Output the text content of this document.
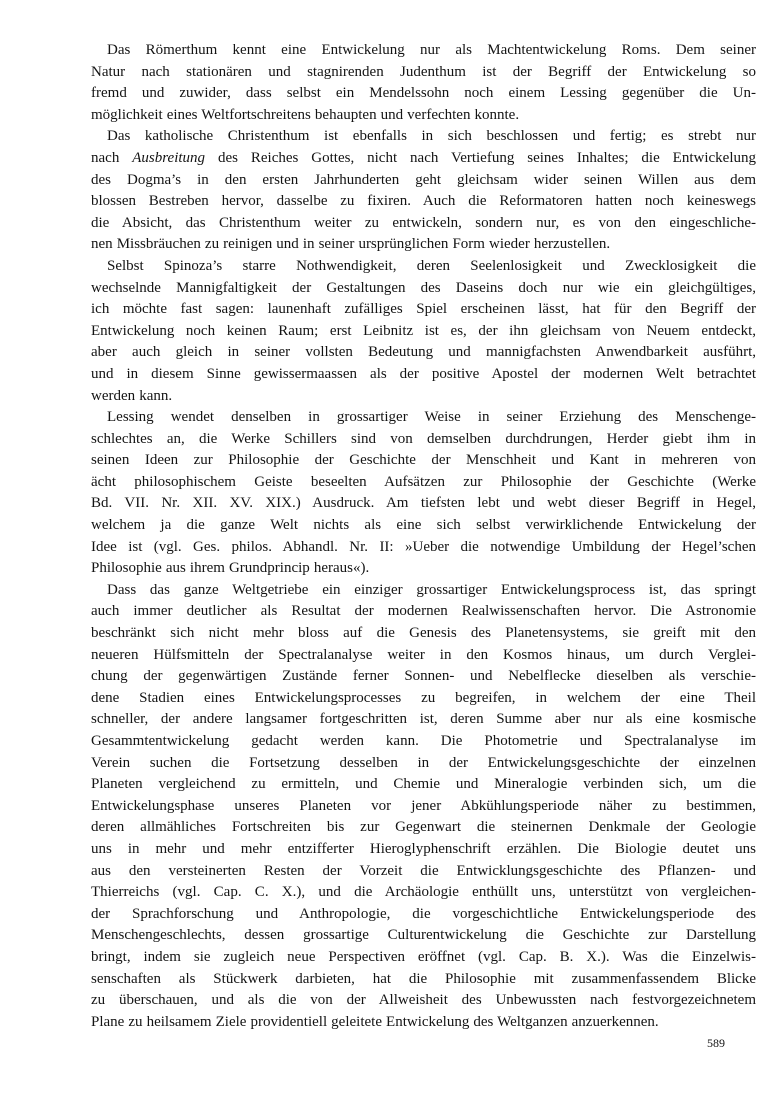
Das Römerthum kennt eine Entwickelung nur als Machtentwickelung Roms. Dem seiner
Natur nach stationären und stagnirenden Judenthum ist der Begriff der Entwickelung so
fremd und zuwider, dass selbst ein Mendelssohn noch einem Lessing gegenüber die Un-
möglichkeit eines Weltfortschreitens behaupten und verfechten konnte.
Das katholische Christenthum ist ebenfalls in sich beschlossen und fertig; es strebt nur
nach Ausbreitung des Reiches Gottes, nicht nach Vertiefung seines Inhaltes; die Entwickelung
des Dogma’s in den ersten Jahrhunderten geht gleichsam wider seinen Willen aus dem
blossen Bestreben hervor, dasselbe zu fixiren. Auch die Reformatoren hatten noch keineswegs
die Absicht, das Christenthum weiter zu entwickeln, sondern nur, es von den eingeschliche-
nen Missbräuchen zu reinigen und in seiner ursprünglichen Form wieder herzustellen.
Selbst Spinoza’s starre Nothwendigkeit, deren Seelenlosigkeit und Zwecklosigkeit die
wechselnde Mannigfaltigkeit der Gestaltungen des Daseins doch nur wie ein gleichgültiges,
ich möchte fast sagen: launenhaft zufälliges Spiel erscheinen lässt, hat für den Begriff der
Entwickelung noch keinen Raum; erst Leibnitz ist es, der ihn gleichsam von Neuem entdeckt,
aber auch gleich in seiner vollsten Bedeutung und mannigfachsten Anwendbarkeit ausführt,
und in diesem Sinne gewissermaassen als der positive Apostel der modernen Welt betrachtet
werden kann.
Lessing wendet denselben in grossartiger Weise in seiner Erziehung des Menschenge-
schlechtes an, die Werke Schillers sind von demselben durchdrungen, Herder giebt ihm in
seinen Ideen zur Philosophie der Geschichte der Menschheit und Kant in mehreren von
ächt philosophischem Geiste beseelten Aufsätzen zur Philosophie der Geschichte (Werke
Bd. VII. Nr. XII. XV. XIX.) Ausdruck. Am tiefsten lebt und webt dieser Begriff in Hegel,
welchem ja die ganze Welt nichts als eine sich selbst verwirklichende Entwickelung der
Idee ist (vgl. Ges. philos. Abhandl. Nr. II: »Ueber die notwendige Umbildung der Hegel’schen
Philosophie aus ihrem Grundprincip heraus«).
Dass das ganze Weltgetriebe ein einziger grossartiger Entwickelungsprocess ist, das springt
auch immer deutlicher als Resultat der modernen Realwissenschaften hervor. Die Astronomie
beschränkt sich nicht mehr bloss auf die Genesis des Planetensystems, sie greift mit den
neueren Hülfsmitteln der Spectralanalyse weiter in den Kosmos hinaus, um durch Verglei-
chung der gegenwärtigen Zustände ferner Sonnen- und Nebelflecke dieselben als verschie-
dene Stadien eines Entwickelungsprocesses zu begreifen, in welchem der eine Theil
schneller, der andere langsamer fortgeschritten ist, deren Summe aber nur als eine kosmische
Gesammtentwickelung gedacht werden kann. Die Photometrie und Spectralanalyse im
Verein suchen die Fortsetzung desselben in der Entwickelungsgeschichte der einzelnen
Planeten vergleichend zu ermitteln, und Chemie und Mineralogie verbinden sich, um die
Entwickelungsphase unseres Planeten vor jener Abkühlungsperiode näher zu bestimmen,
deren allmähliches Fortschreiten bis zur Gegenwart die steinernen Denkmale der Geologie
uns in mehr und mehr entzifferter Hieroglyphenschrift erzählen. Die Biologie deutet uns
aus den versteinerten Resten der Vorzeit die Entwicklungsgeschichte des Pflanzen- und
Thierreichs (vgl. Cap. C. X.), und die Archäologie enthüllt uns, unterstützt von vergleichen-
der Sprachforschung und Anthropologie, die vorgeschichtliche Entwickelungsperiode des
Menschengeschlechts, dessen grossartige Culturentwickelung die Geschichte zur Darstellung
bringt, indem sie zugleich neue Perspectiven eröffnet (vgl. Cap. B. X.). Was die Einzelwis-
senschaften als Stückwerk darbieten, hat die Philosophie mit zusammenfassendem Blicke
zu überschauen, und als die von der Allweisheit des Unbewussten nach festvorgezeichnetem
Plane zu heilsamem Ziele providentiell geleitete Entwickelung des Weltganzen anzuerkennen.
589
